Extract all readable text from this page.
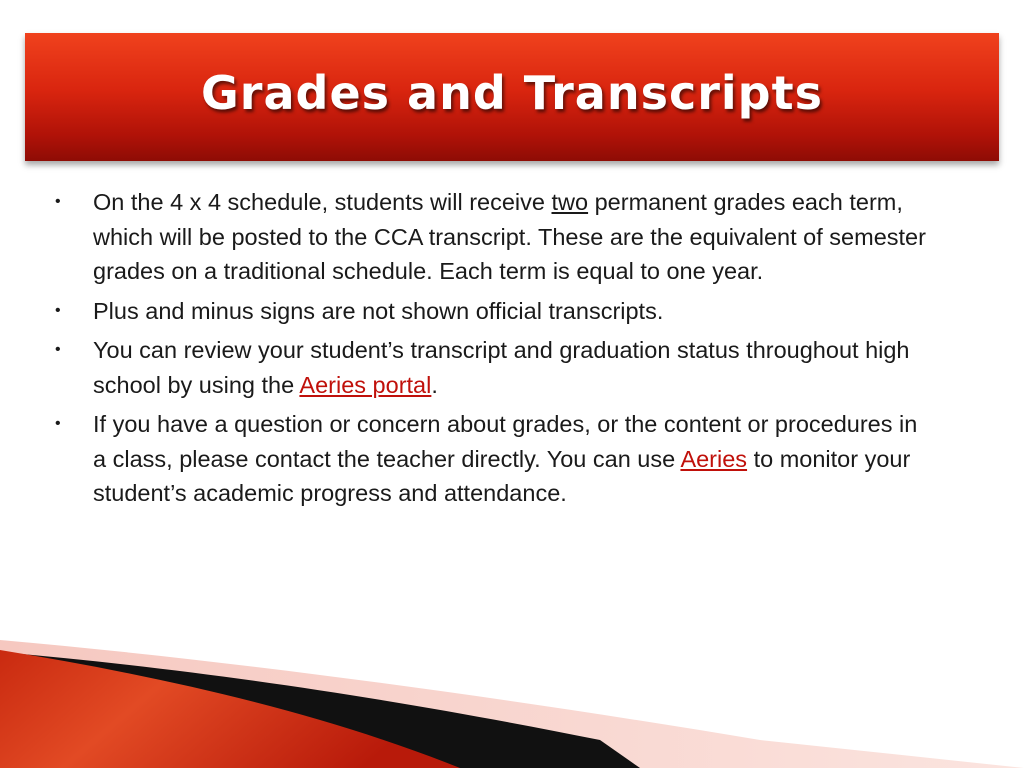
Grades and Transcripts
• On the 4 x 4 schedule, students will receive two permanent grades each term, which will be posted to the CCA transcript. These are the equivalent of semester grades on a traditional schedule. Each term is equal to one year.
• Plus and minus signs are not shown official transcripts.
• You can review your student’s transcript and graduation status throughout high school by using the Aeries portal.
• If you have a question or concern about grades, or the content or procedures in a class, please contact the teacher directly. You can use Aeries to monitor your student’s academic progress and attendance.
